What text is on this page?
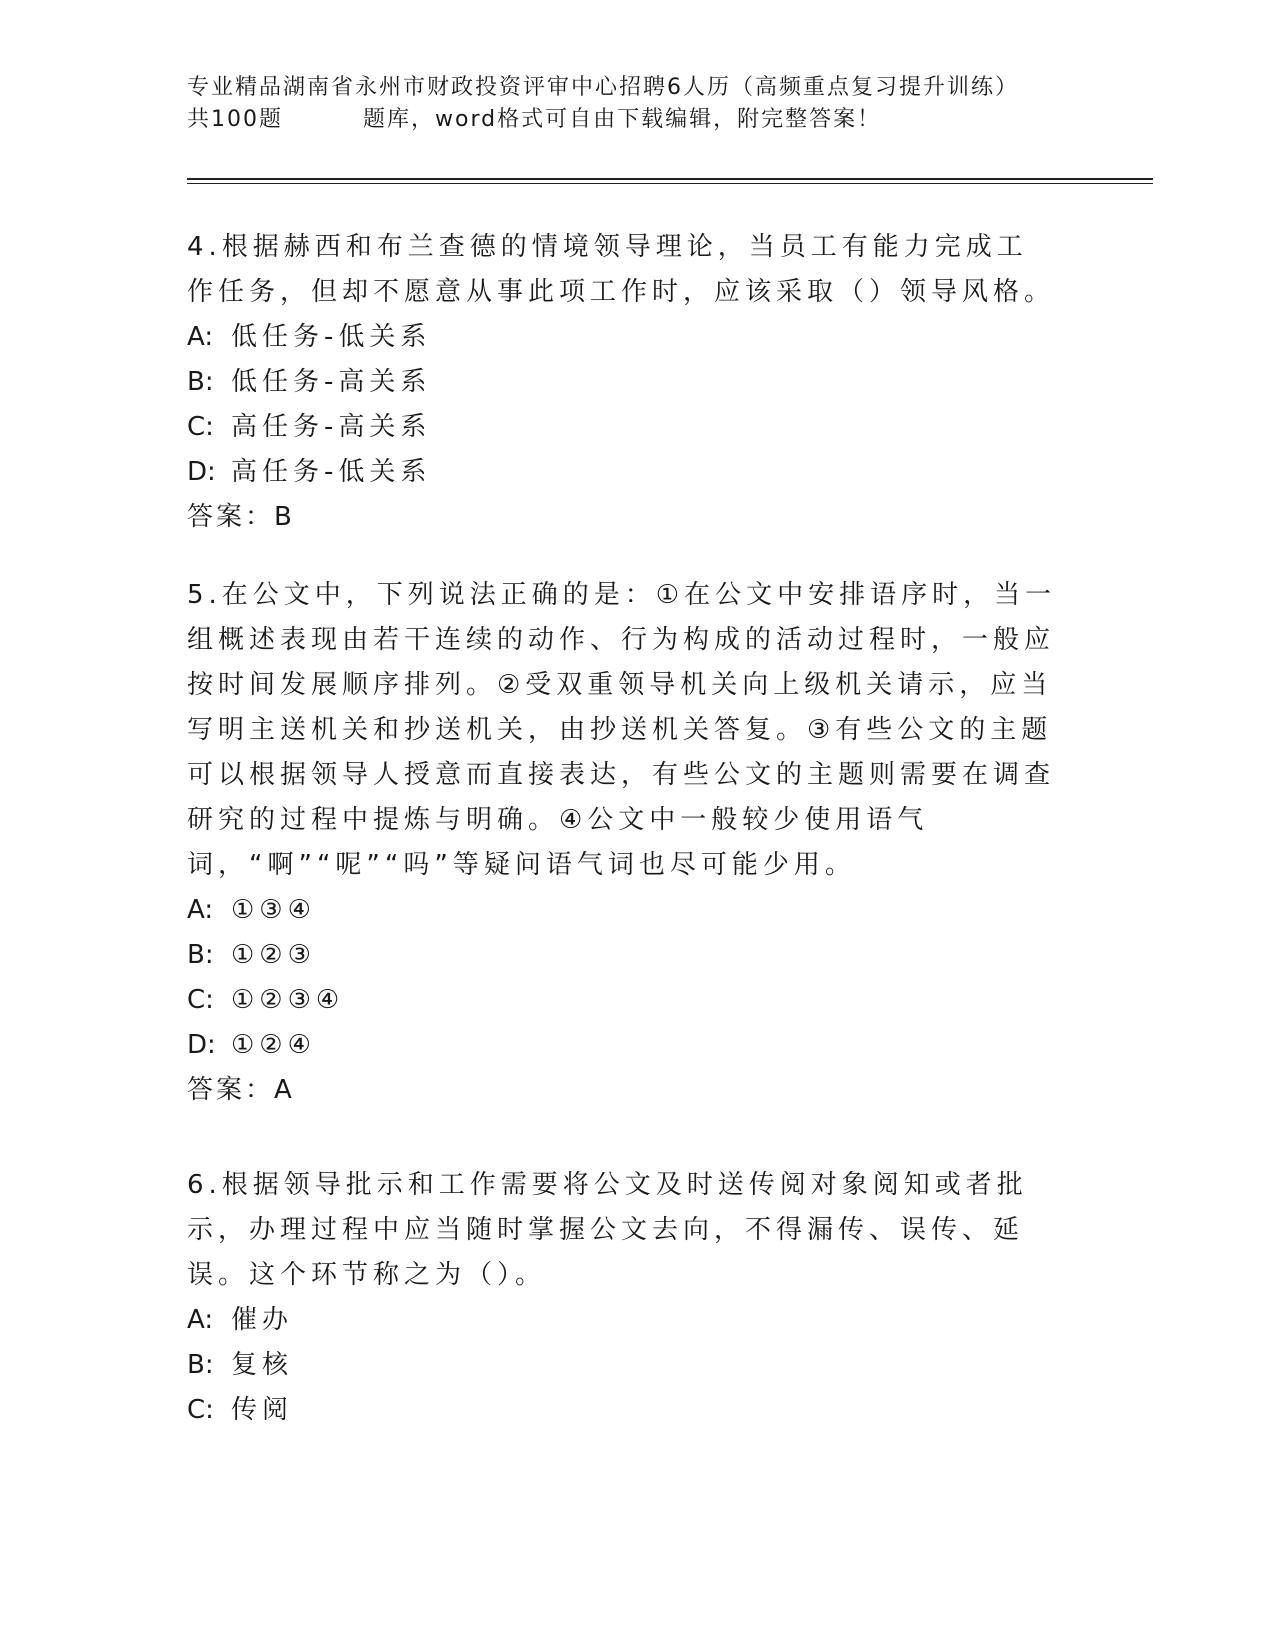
专业精品湖南省永州市财政投资评审中心招聘6人历（高频重点复习提升训练）
共100题	题库，word格式可自由下载编辑，附完整答案！

4.根据赫西和布兰查德的情境领导理论，当员工有能力完成工作任务，但却不愿意从事此项工作时，应该采取（）领导风格。

A: 低任务-低关系

B: 低任务-高关系

C: 高任务-高关系

D: 高任务-低关系

答案：B

5.在公文中，下列说法正确的是：①在公文中安排语序时，当一组概述表现由若干连续的动作、行为构成的活动过程时，一般应按时间发展顺序排列。②受双重领导机关向上级机关请示，应当写明主送机关和抄送机关，由抄送机关答复。③有些公文的主题可以根据领导人授意而直接表达，有些公文的主题则需要在调查研究的过程中提炼与明确。④公文中一般较少使用语气词，“啊”“呢”“吗”等疑问语气词也尽可能少用。

A: ①③④

B: ①②③

C: ①②③④

D: ①②④

答案：A

6.根据领导批示和工作需要将公文及时送传阅对象阅知或者批示，办理过程中应当随时掌握公文去向，不得漏传、误传、延误。这个环节称之为（）。

A: 催办

B: 复核

C: 传阅
